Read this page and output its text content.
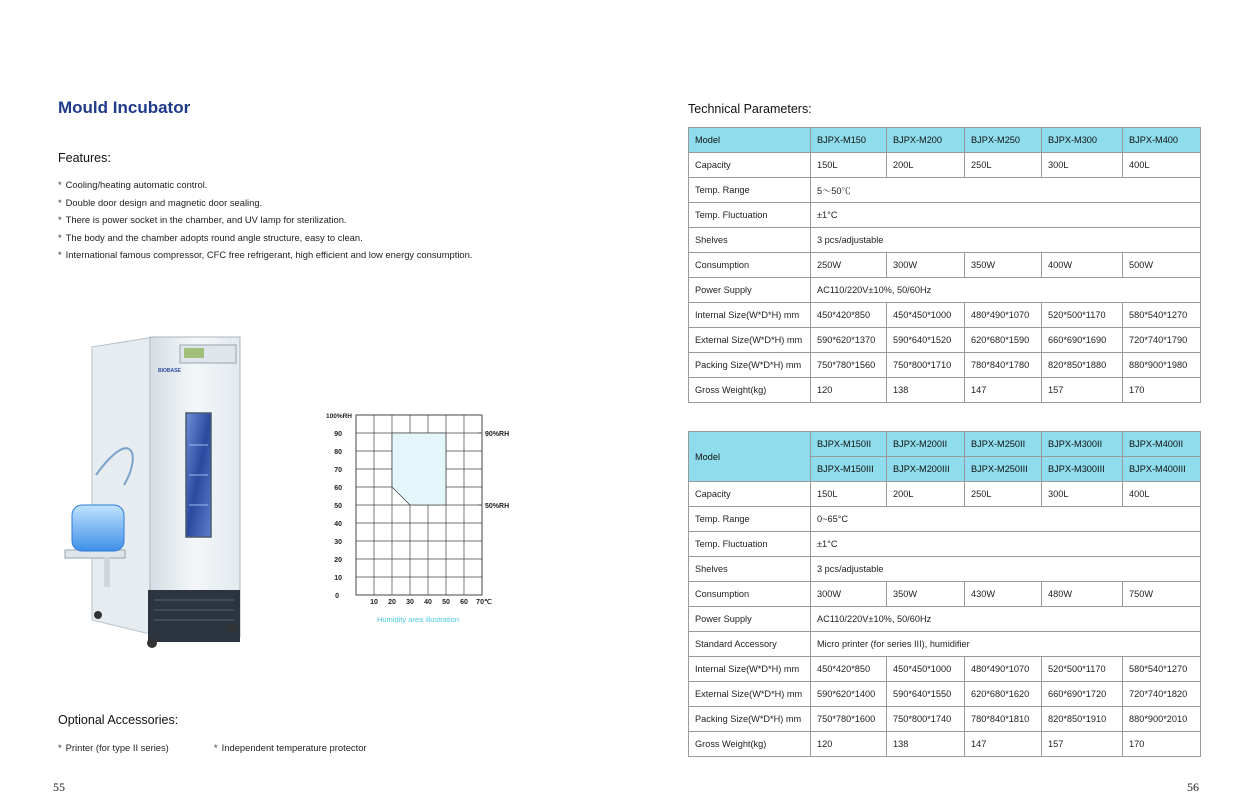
Mould Incubator
Features:
* Cooling/heating automatic control.
* Double door design and magnetic door sealing.
* There is power socket in the chamber, and UV lamp for sterilization.
* The body and the chamber adopts round angle structure, easy to clean.
* International famous compressor, CFC free refrigerant, high efficient and low energy consumption.
BIOBASE
100%RH
90
80
70
60
50
40
30
20
10
0
10 20 30 40 50 60 70℃
90%RH
50%RH
Humidity area illustration
Optional Accessories:
* Printer (for type II series)	* Independent temperature protector
55
Technical Parameters:
Model	BJPX-M150	BJPX-M200	BJPX-M250	BJPX-M300	BJPX-M400
Capacity	150L	200L	250L	300L	400L
Temp. Range	5～50℃				
Temp. Fluctuation	±1°C				
Shelves	3 pcs/adjustable				
Consumption	250W	300W	350W	400W	500W
Power Supply	AC110/220V±10%, 50/60Hz				
Internal Size(W*D*H) mm	450*420*850	450*450*1000	480*490*1070	520*500*1170	580*540*1270
External Size(W*D*H) mm	590*620*1370	590*640*1520	620*680*1590	660*690*1690	720*740*1790
Packing Size(W*D*H) mm	750*780*1560	750*800*1710	780*840*1780	820*850*1880	880*900*1980
Gross Weight(kg)	120	138	147	157	170
Model	BJPX-M150II	BJPX-M200II	BJPX-M250II	BJPX-M300II	BJPX-M400II
	BJPX-M150III	BJPX-M200III	BJPX-M250III	BJPX-M300III	BJPX-M400III
Capacity	150L	200L	250L	300L	400L
Temp. Range	0~65°C				
Temp. Fluctuation	±1°C				
Shelves	3 pcs/adjustable				
Consumption	300W	350W	430W	480W	750W
Power Supply	AC110/220V±10%, 50/60Hz				
Standard Accessory	Micro printer (for series III), humidifier				
Internal Size(W*D*H) mm	450*420*850	450*450*1000	480*490*1070	520*500*1170	580*540*1270
External Size(W*D*H) mm	590*620*1400	590*640*1550	620*680*1620	660*690*1720	720*740*1820
Packing Size(W*D*H) mm	750*780*1600	750*800*1740	780*840*1810	820*850*1910	880*900*2010
Gross Weight(kg)	120	138	147	157	170
56
